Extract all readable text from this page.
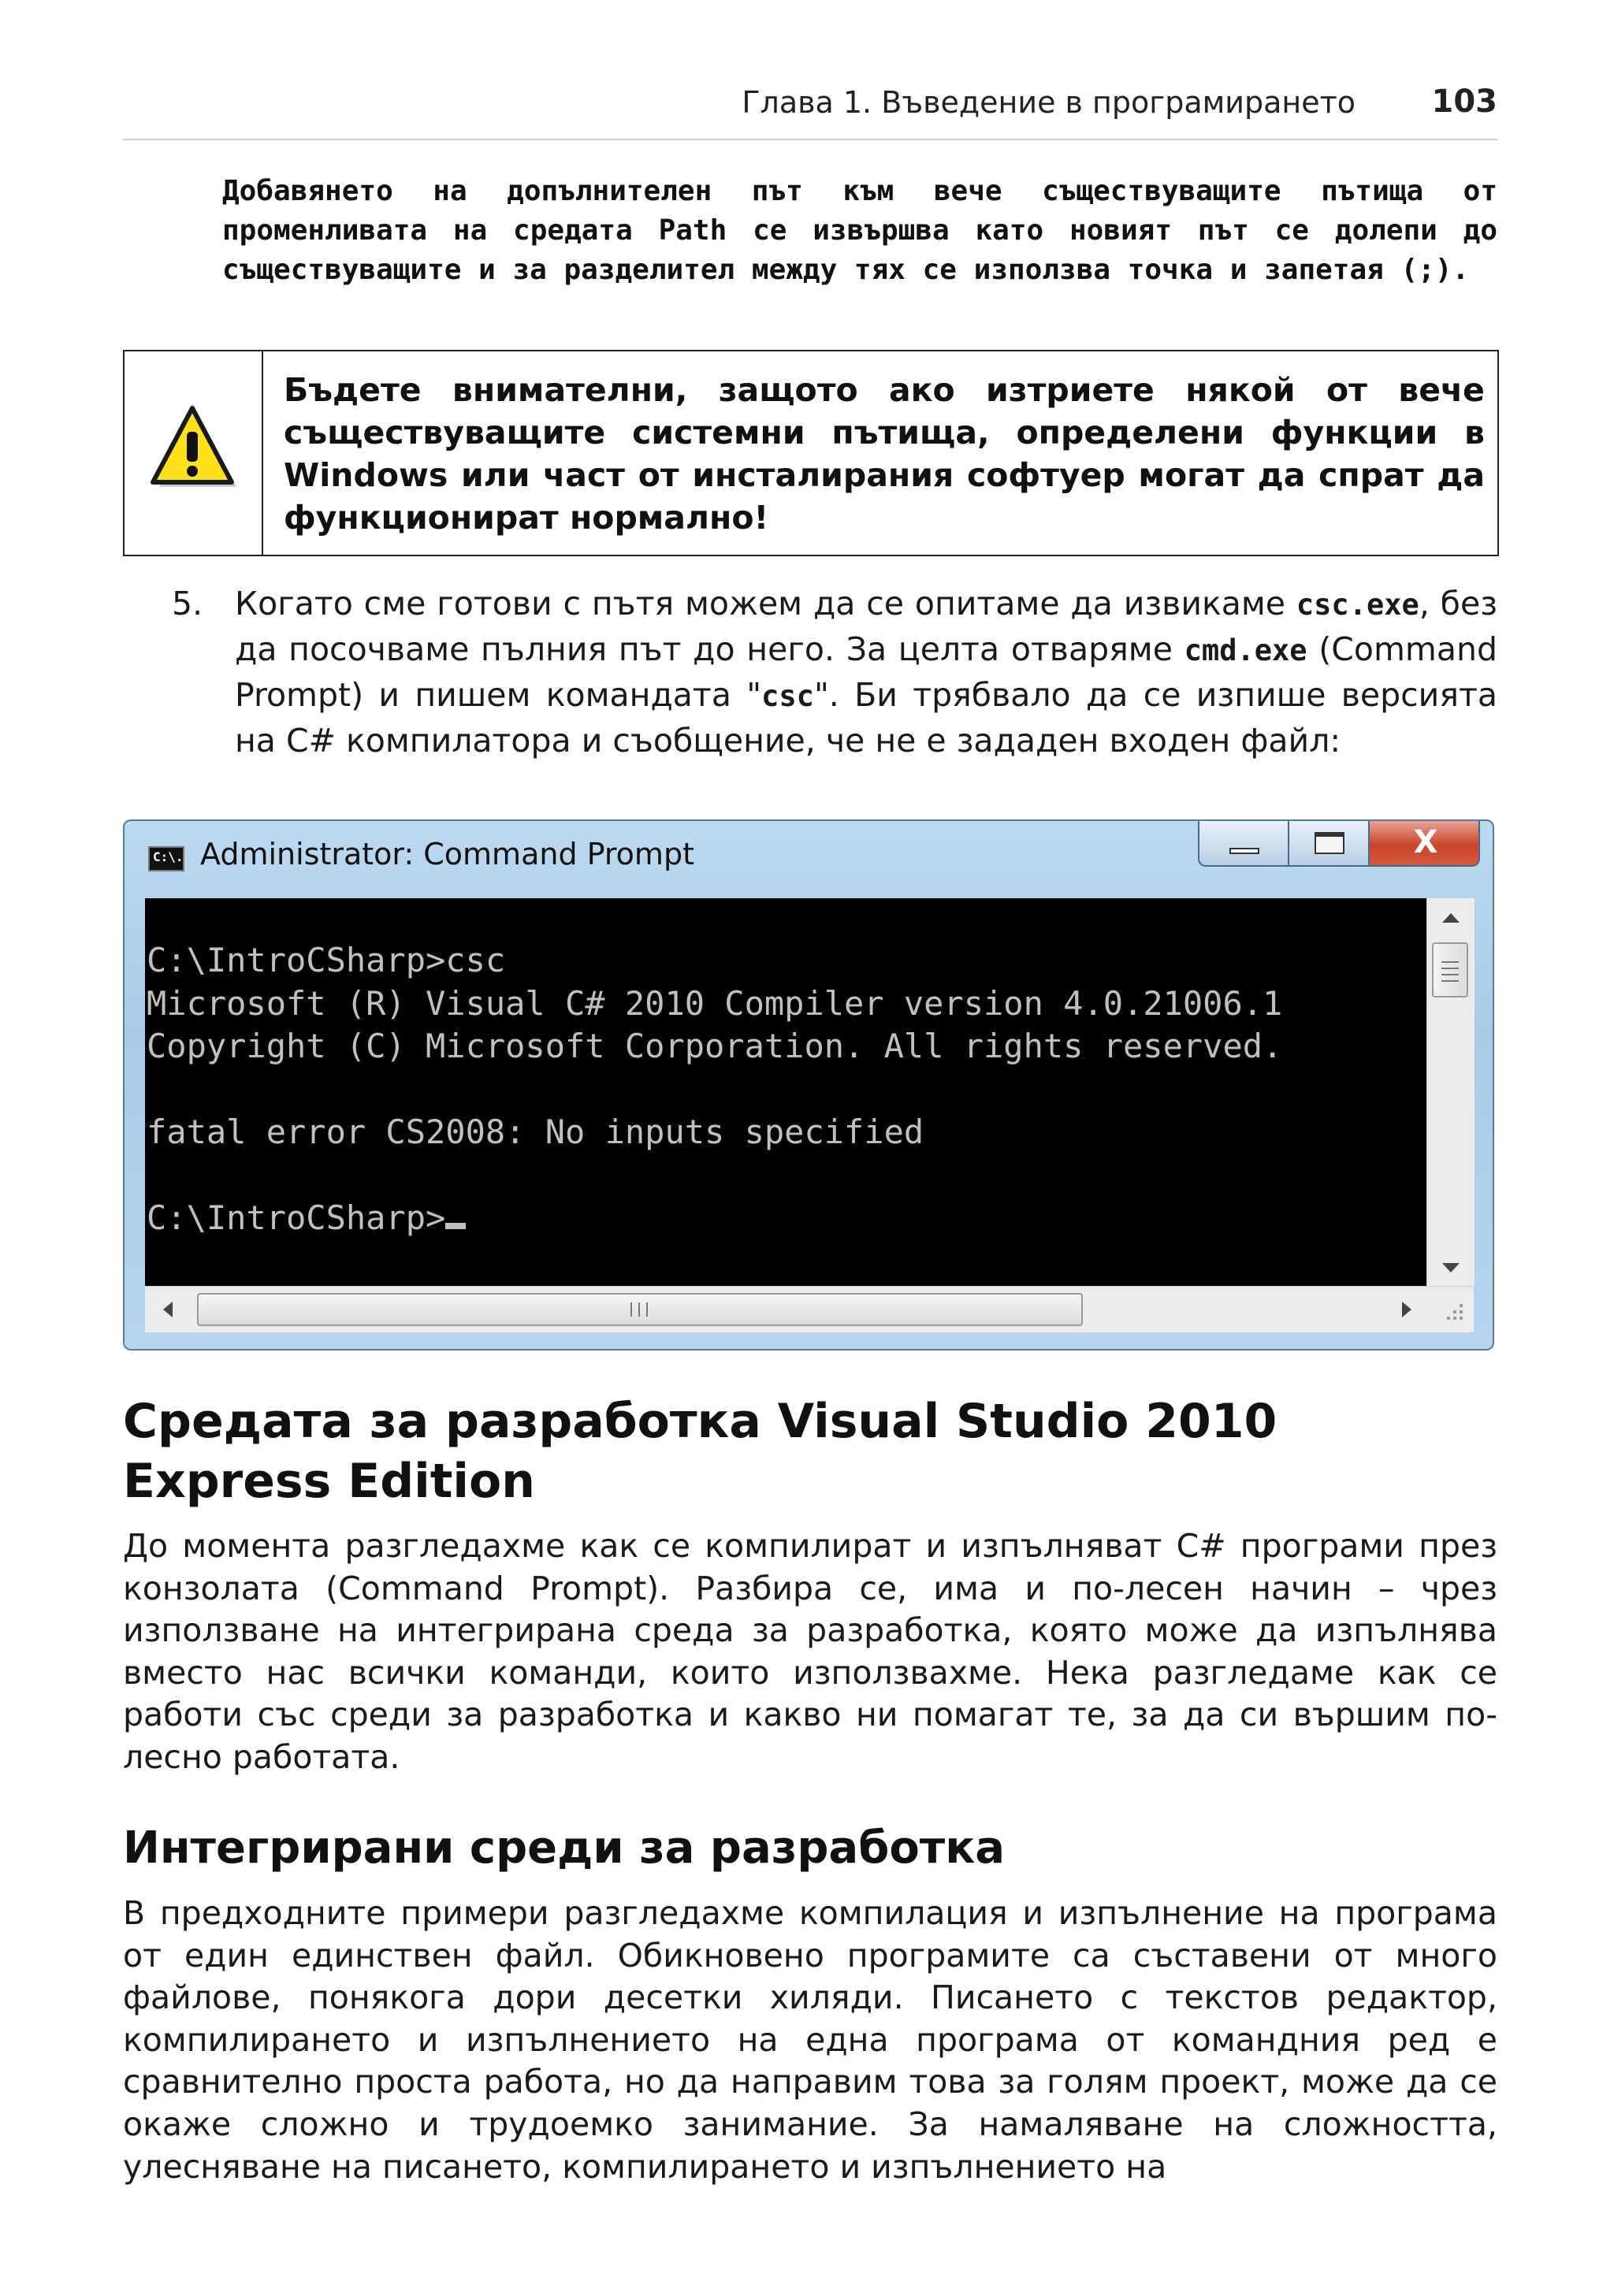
Глава 1. Въведение в програмирането	103
Добавянето на допълнителен път към вече съществуващите пътища от променливата на средата Path се извършва като новият път се долепи до съществуващите и за разделител между тях се използва точка и запетая (;).
Бъдете внимателни, защото ако изтриете някой от вече съществуващите системни пътища, определени функции в Windows или част от инсталирания софтуер могат да спрат да функционират нормално!
5. Когато сме готови с пътя можем да се опитаме да извикаме csc.exe, без да посочваме пълния път до него. За целта отваряме cmd.exe (Command Prompt) и пишем командата "csc". Би трябвало да се изпише версията на C# компилатора и съобщение, че не е зададен входен файл:
C:\. Administrator: Command Prompt	X
C:\IntroCSharp>csc
Microsoft (R) Visual C# 2010 Compiler version 4.0.21006.1
Copyright (C) Microsoft Corporation. All rights reserved.

fatal error CS2008: No inputs specified

C:\IntroCSharp>
Средата за разработка Visual Studio 2010 Express Edition
До момента разгледахме как се компилират и изпълняват C# програми през конзолата (Command Prompt). Разбира се, има и по-лесен начин – чрез използване на интегрирана среда за разработка, която може да изпълнява вместо нас всички команди, които използвахме. Нека разгледаме как се работи със среди за разработка и какво ни помагат те, за да си вършим по-лесно работата.
Интегрирани среди за разработка
В предходните примери разгледахме компилация и изпълнение на програма от един единствен файл. Обикновено програмите са съставени от много файлове, понякога дори десетки хиляди. Писането с текстов редактор, компилирането и изпълнението на една програма от командния ред е сравнително проста работа, но да направим това за голям проект, може да се окаже сложно и трудоемко занимание. За намаляване на сложността, улесняване на писането, компилирането и изпълнението на
